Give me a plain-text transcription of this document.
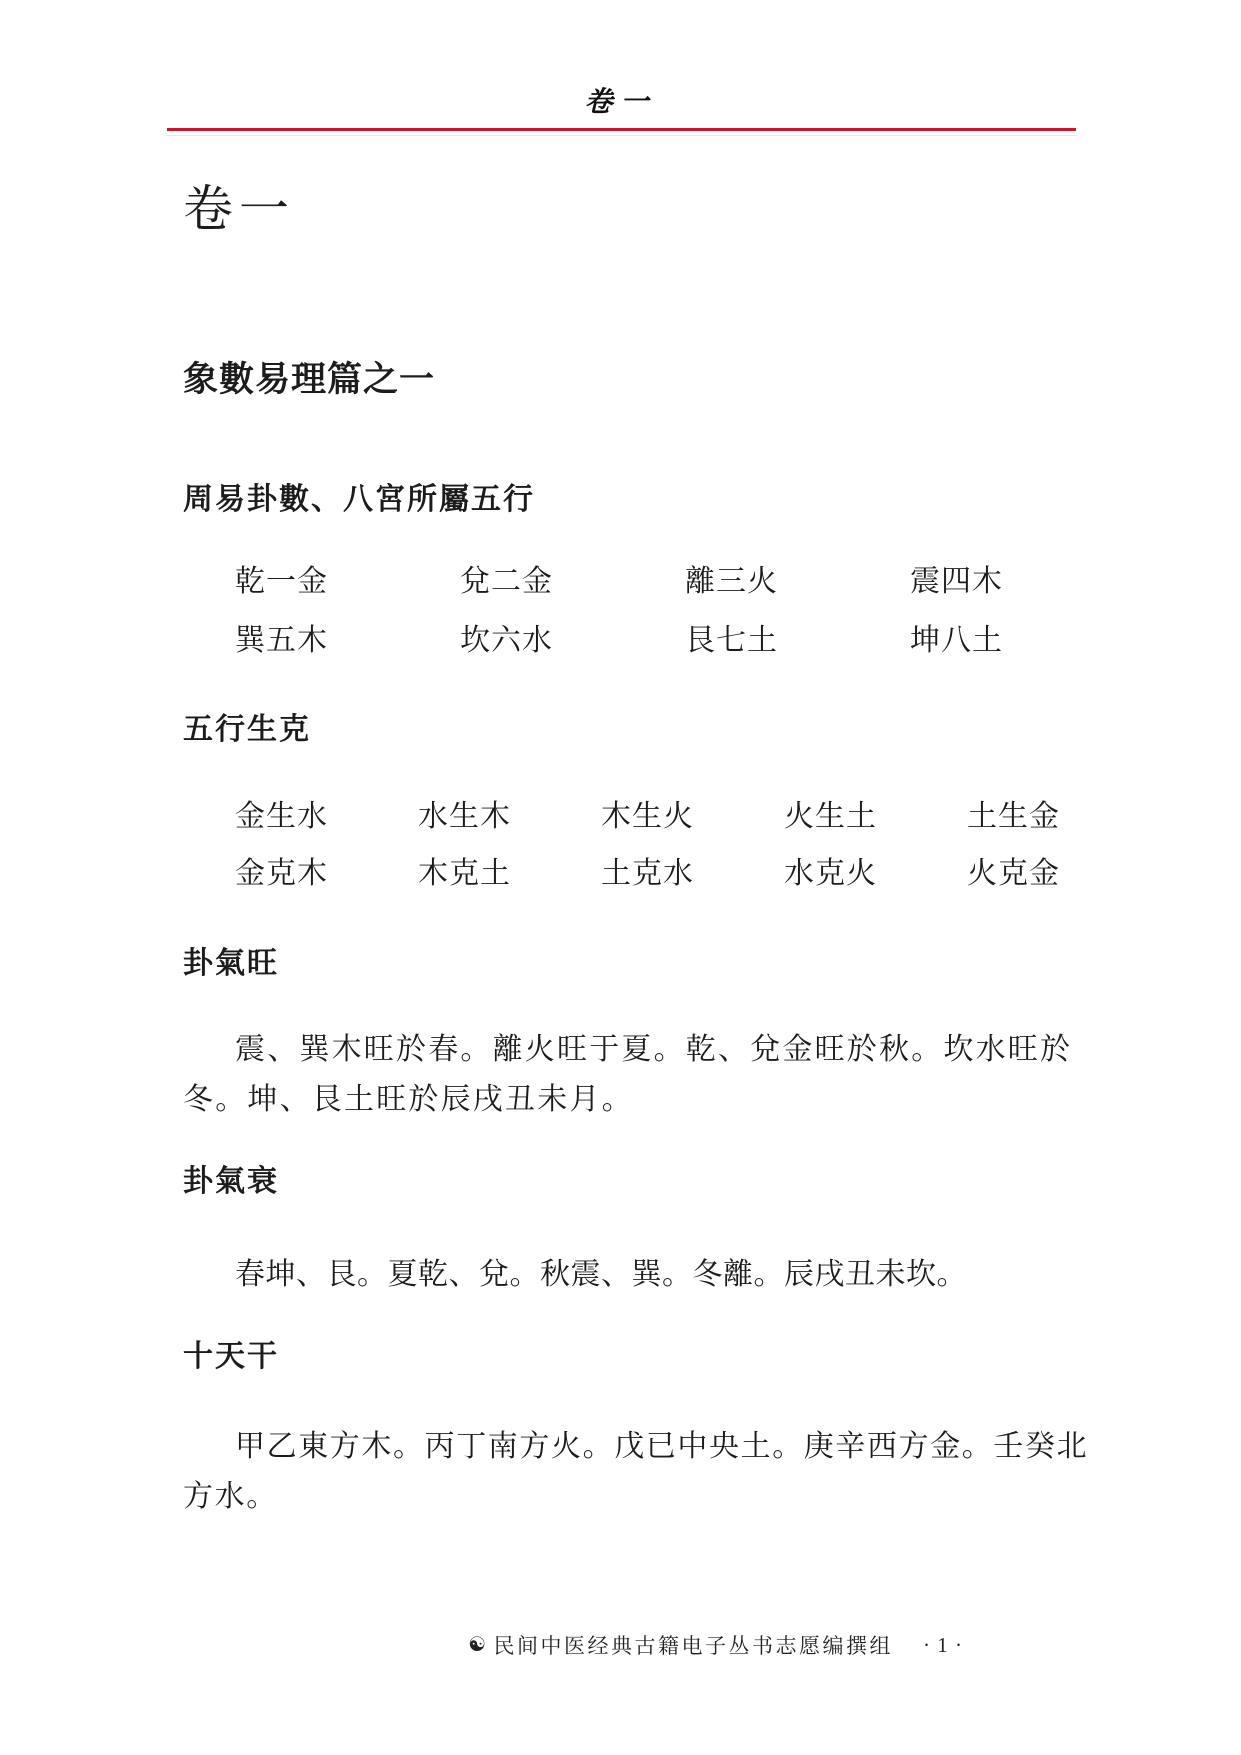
卷一
卷一
象數易理篇之一
周易卦數、八宮所屬五行
乾一金	兌二金	離三火	震四木
巽五木	坎六水	艮七土	坤八土
五行生克
金生水	水生木	木生火	火生土	土生金
金克木	木克土	土克水	水克火	火克金
卦氣旺
震、巽木旺於春。離火旺于夏。乾、兌金旺於秋。坎水旺於
冬。坤、艮土旺於辰戌丑未月。
卦氣衰
春坤、艮。夏乾、兌。秋震、巽。冬離。辰戌丑未坎。
十天干
甲乙東方木。丙丁南方火。戊已中央土。庚辛西方金。壬癸北
方水。
☯ 民间中医经典古籍电子丛书志愿编撰组 · 1 ·
